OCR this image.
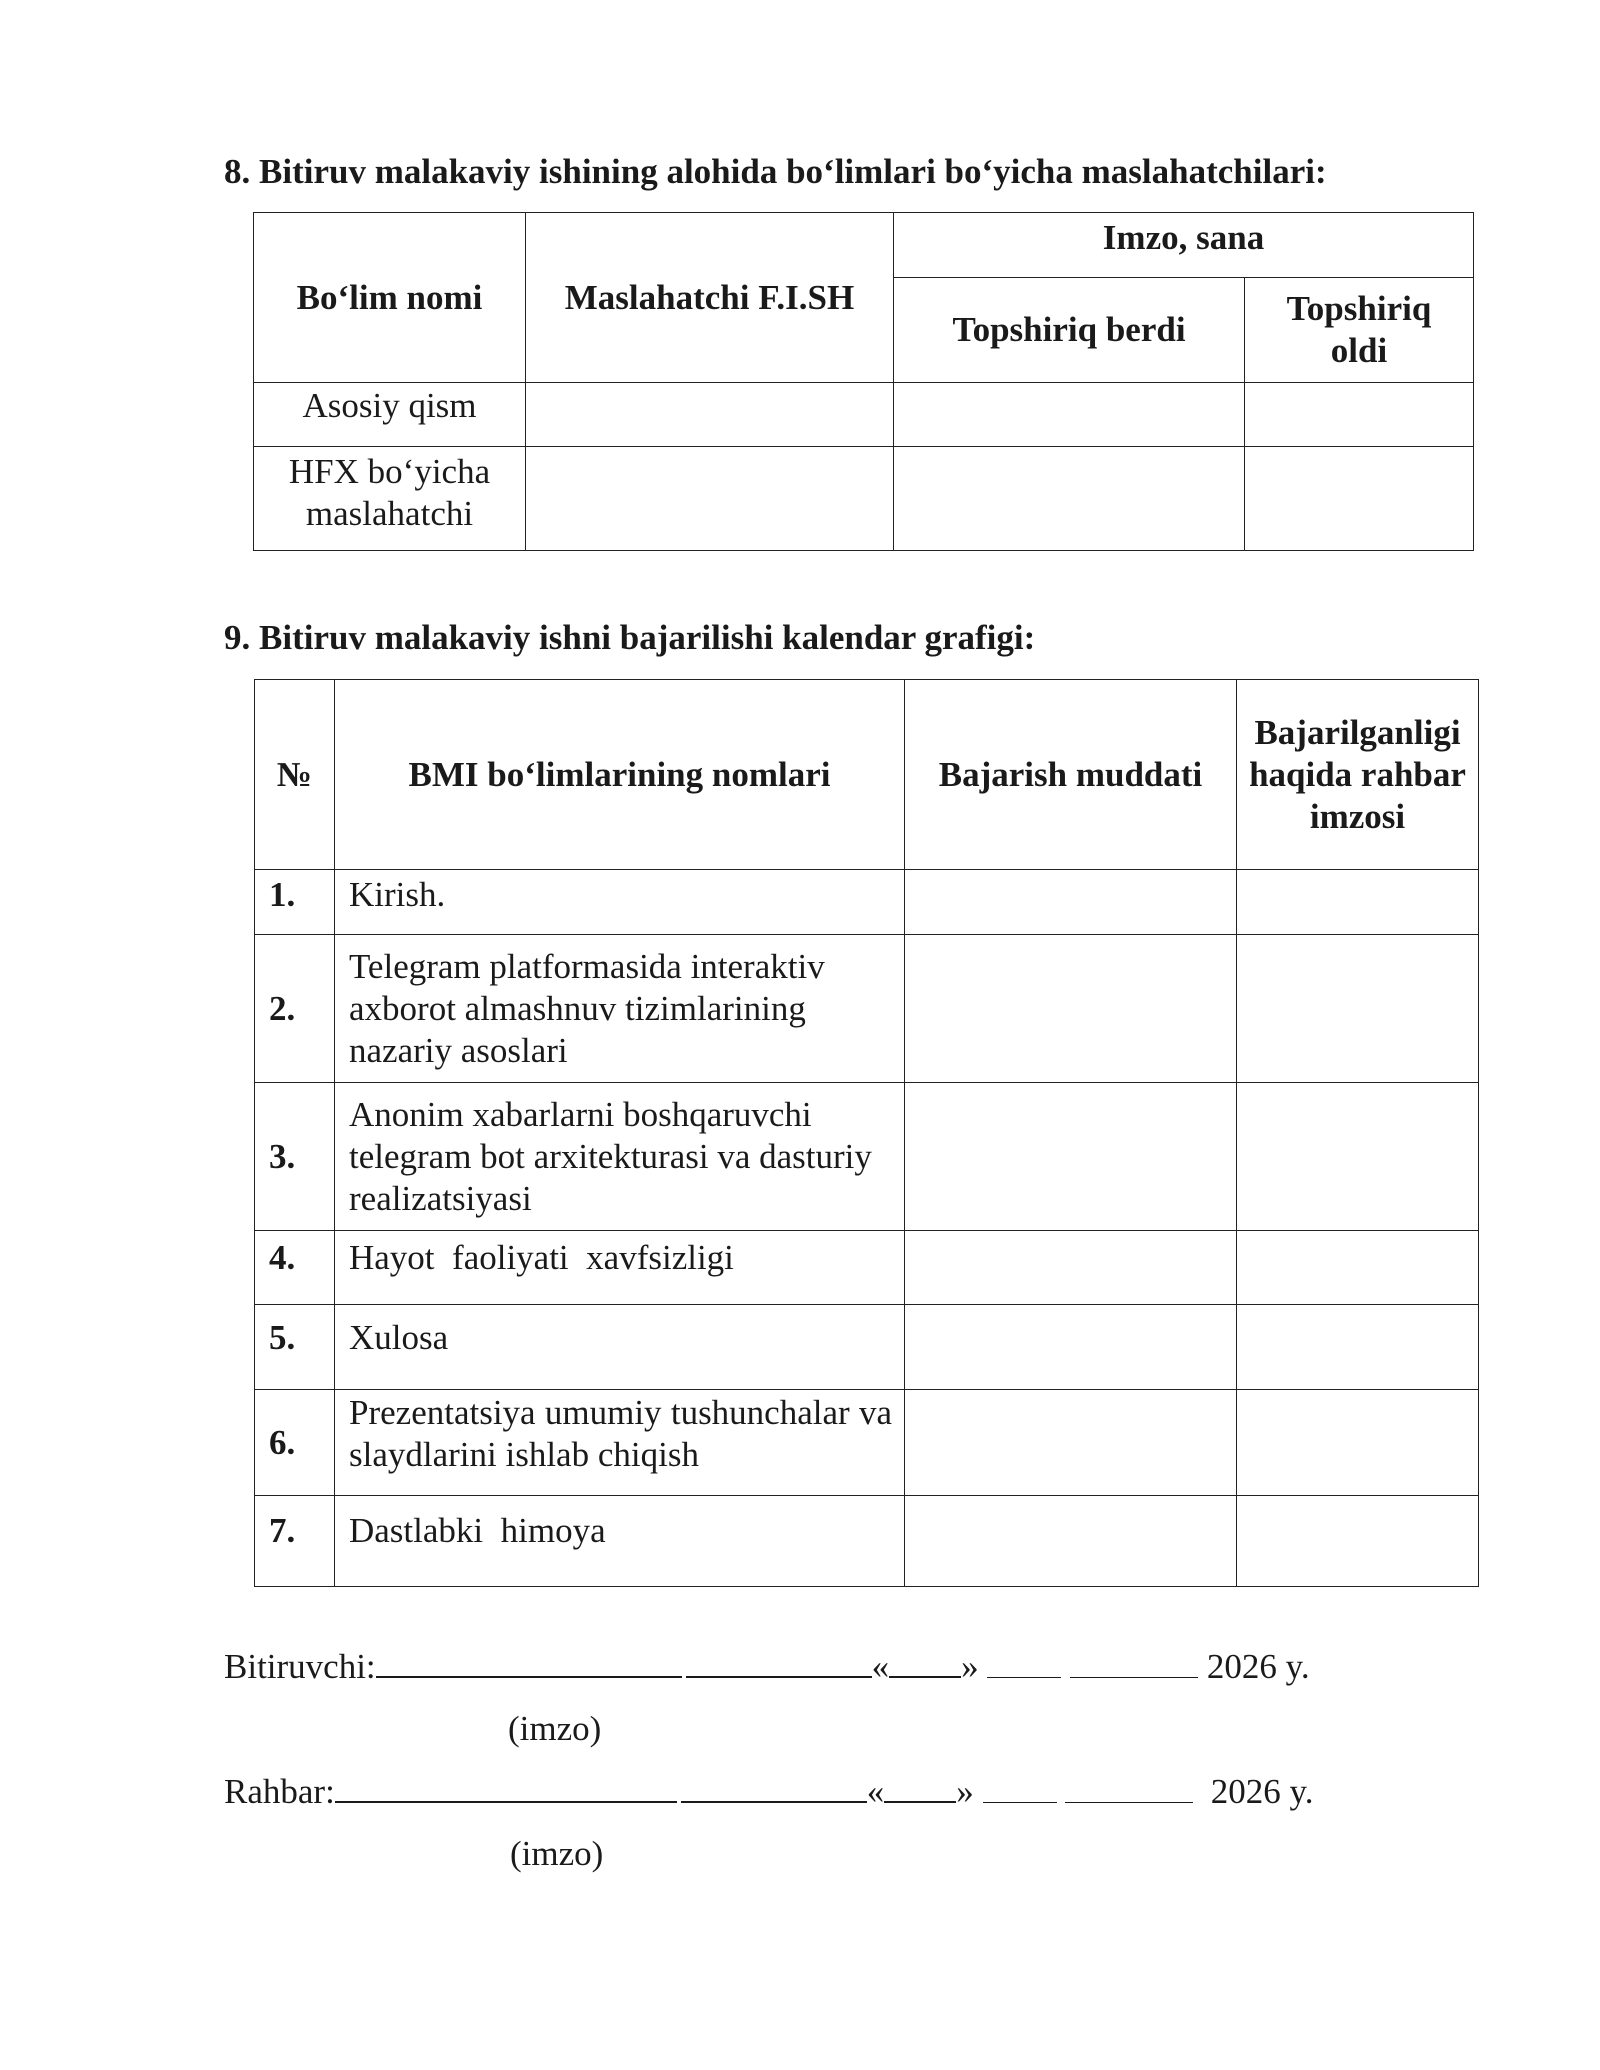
8. Bitiruv malakaviy ishining alohida bo‘limlari bo‘yicha maslahatchilari:
Bo‘lim nomi	Maslahatchi F.I.SH	Imzo, sana	
		Topshiriq berdi	Topshiriq oldi
Asosiy qism			
HFX bo‘yicha maslahatchi			
9. Bitiruv malakaviy ishni bajarilishi kalendar grafigi:
№	BMI bo‘limlarining nomlari	Bajarish muddati	Bajarilganligi haqida rahbar imzosi
1.	Kirish.		
2.	Telegram platformasida interaktiv axborot almashnuv tizimlarining nazariy asoslari		
3.	Anonim xabarlarni boshqaruvchi telegram bot arxitekturasi va dasturiy realizatsiyasi		
4.	Hayot  faoliyati  xavfsizligi		
5.	Xulosa		
6.	Prezentatsiya umumiy tushunchalar va slaydlarini ishlab chiqish		
7.	Dastlabki  himoya		
Bitiruvchi:	« »	2026 y.
(imzo)
Rahbar:	« »	2026 y.
(imzo)
